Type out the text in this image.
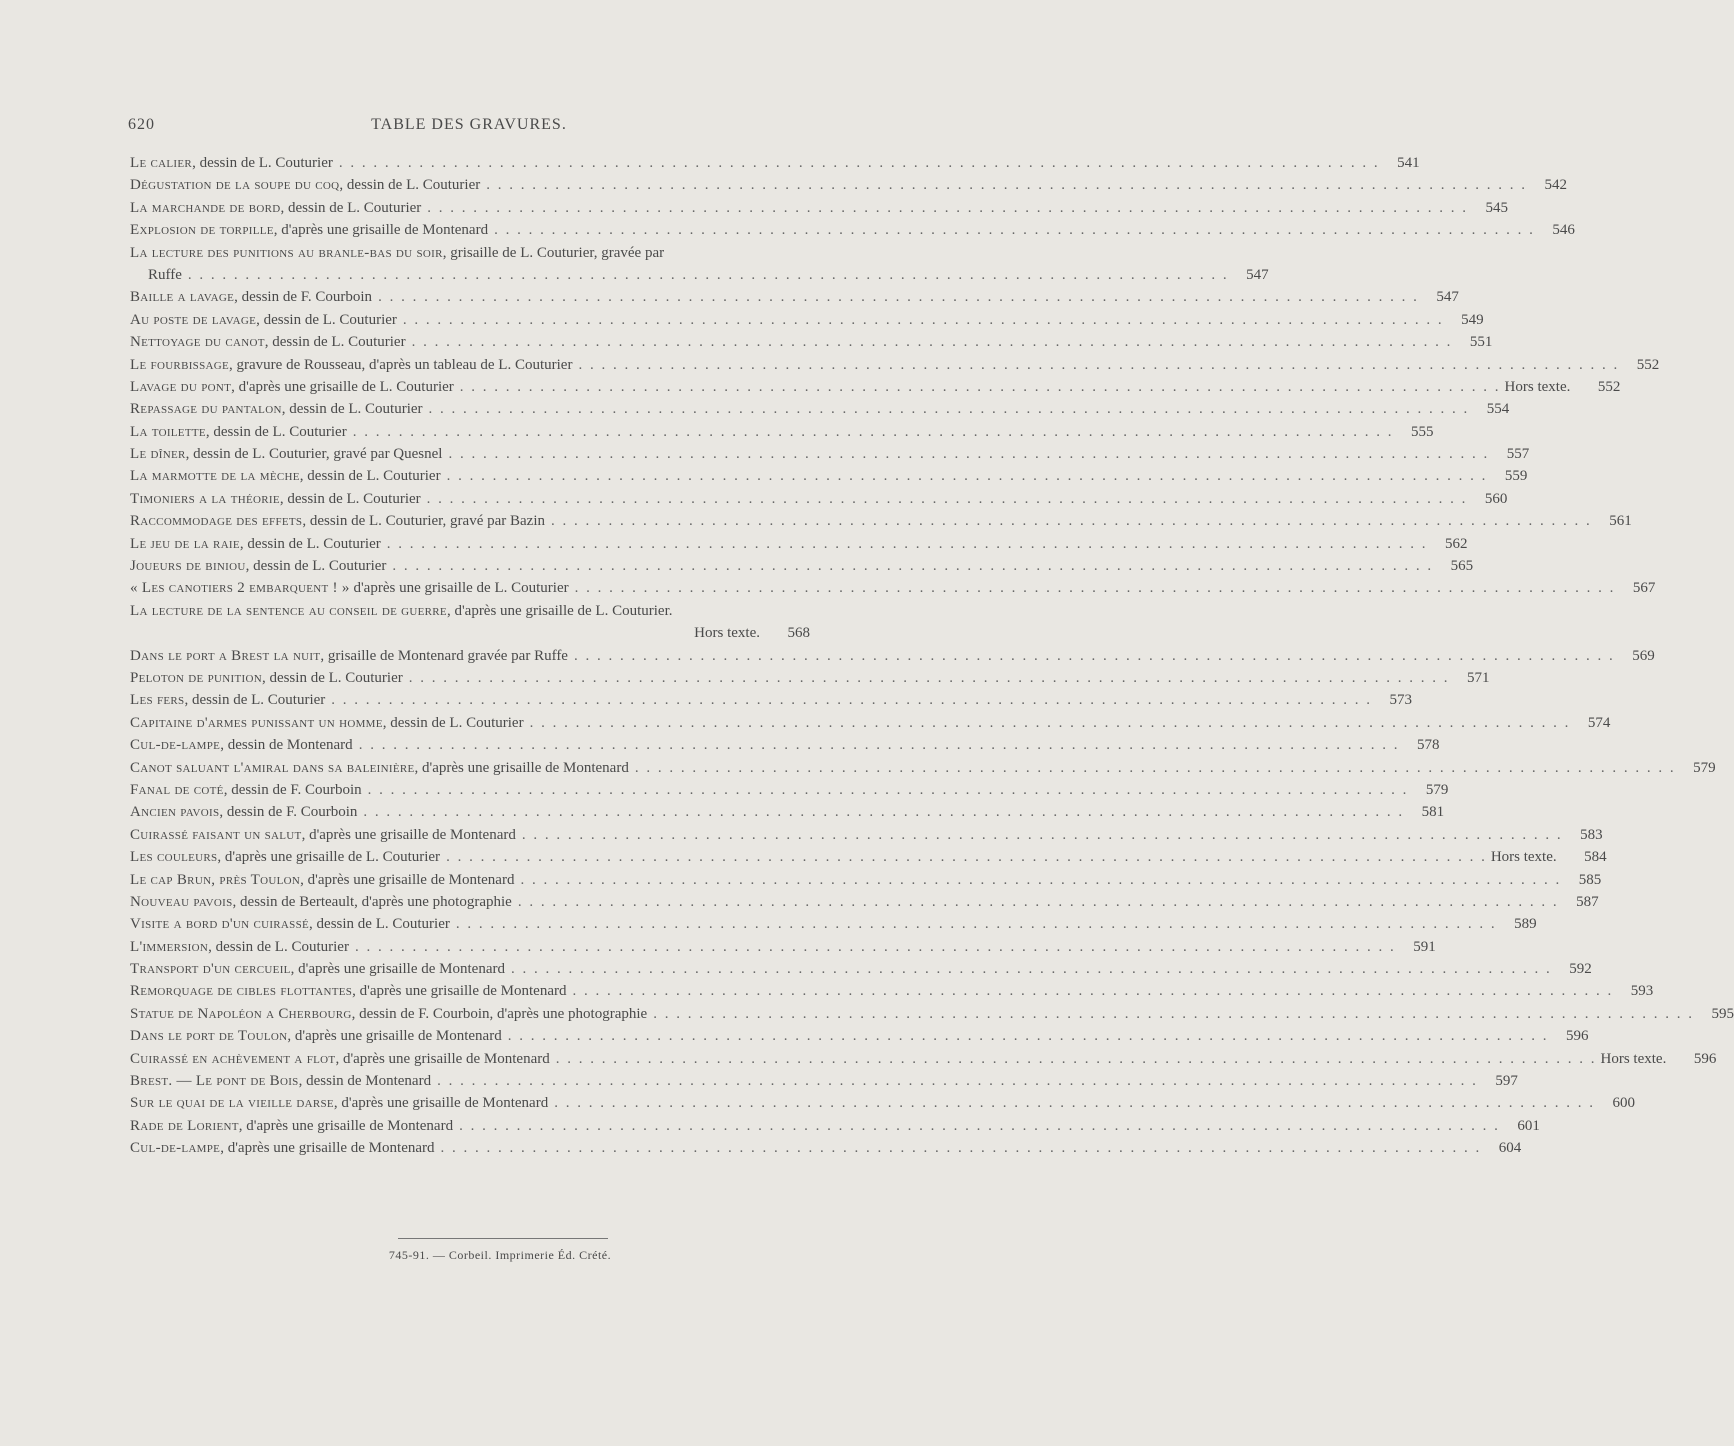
620	TABLE DES GRAVURES.
Le calier, dessin de L. Couturier . . .	541
Dégustation de la soupe du coq, dessin de L. Couturier . . .	542
La marchande de bord, dessin de L. Couturier . . .	545
Explosion de torpille, d'après une grisaille de Montenard . . .	546
La lecture des punitions au branle-bas du soir, grisaille de L. Couturier, gravée par
Ruffe . . .	547
Baille a lavage, dessin de F. Courboin . . .	547
Au poste de lavage, dessin de L. Couturier . . .	549
Nettoyage du canot, dessin de L. Couturier . . .	551
Le fourbissage, gravure de Rousseau, d'après un tableau de L. Couturier . . .	552
Lavage du pont, d'après une grisaille de L. Couturier . . .	Hors texte.	552
Repassage du pantalon, dessin de L. Couturier . . .	554
La toilette, dessin de L. Couturier . . .	555
Le dîner, dessin de L. Couturier, gravé par Quesnel . . .	557
La marmotte de la mèche, dessin de L. Couturier . . .	559
Timoniers a la théorie, dessin de L. Couturier . . .	560
Raccommodage des effets, dessin de L. Couturier, gravé par Bazin . . .	561
Le jeu de la raie, dessin de L. Couturier . . .	562
Joueurs de biniou, dessin de L. Couturier . . .	565
« Les canotiers 2 embarquent ! » d'après une grisaille de L. Couturier . . .	567
La lecture de la sentence au conseil de guerre, d'après une grisaille de L. Couturier.
Hors texte.	568
Dans le port a Brest la nuit, grisaille de Montenard gravée par Ruffe . . .	569
Peloton de punition, dessin de L. Couturier . . .	571
Les fers, dessin de L. Couturier . . .	573
Capitaine d'armes punissant un homme, dessin de L. Couturier . . .	574
Cul-de-lampe, dessin de Montenard . . .	578
Canot saluant l'amiral dans sa baleinière, d'après une grisaille de Montenard . . .	579
Fanal de coté, dessin de F. Courboin . . .	579
Ancien pavois, dessin de F. Courboin . . .	581
Cuirassé faisant un salut, d'après une grisaille de Montenard . . .	583
Les couleurs, d'après une grisaille de L. Couturier . . .	Hors texte.	584
Le cap Brun, près Toulon, d'après une grisaille de Montenard . . .	585
Nouveau pavois, dessin de Berteault, d'après une photographie . . .	587
Visite a bord d'un cuirassé, dessin de L. Couturier . . .	589
L'immersion, dessin de L. Couturier . . .	591
Transport d'un cercueil, d'après une grisaille de Montenard . . .	592
Remorquage de cibles flottantes, d'après une grisaille de Montenard . . .	593
Statue de Napoléon a Cherbourg, dessin de F. Courboin, d'après une photographie . . .	595
Dans le port de Toulon, d'après une grisaille de Montenard . . .	596
Cuirassé en achèvement a flot, d'après une grisaille de Montenard . . .	Hors texte.	596
Brest. — Le pont de Bois, dessin de Montenard . . .	597
Sur le quai de la vieille darse, d'après une grisaille de Montenard . . .	600
Rade de Lorient, d'après une grisaille de Montenard . . .	601
Cul-de-lampe, d'après une grisaille de Montenard . . .	604
745-91. — Corbeil. Imprimerie Éd. Crété.
